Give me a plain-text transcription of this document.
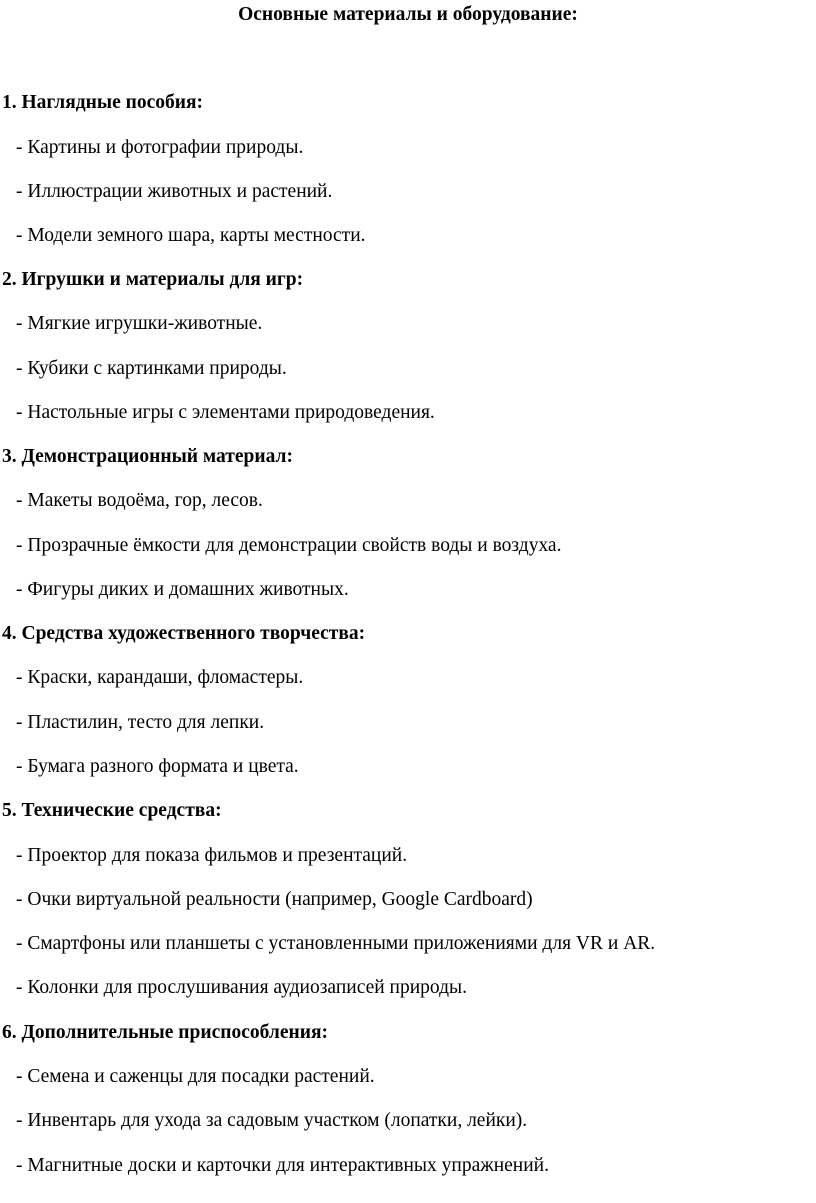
Основные материалы и оборудование:
1. Наглядные пособия:
- Картины и фотографии природы.
- Иллюстрации животных и растений.
- Модели земного шара, карты местности.
2. Игрушки и материалы для игр:
- Мягкие игрушки-животные.
- Кубики с картинками природы.
- Настольные игры с элементами природоведения.
3. Демонстрационный материал:
- Макеты водоёма, гор, лесов.
- Прозрачные ёмкости для демонстрации свойств воды и воздуха.
- Фигуры диких и домашних животных.
4. Средства художественного творчества:
- Краски, карандаши, фломастеры.
- Пластилин, тесто для лепки.
- Бумага разного формата и цвета.
5. Технические средства:
- Проектор для показа фильмов и презентаций.
- Очки виртуальной реальности (например, Google Cardboard)
- Смартфоны или планшеты с установленными приложениями для VR и AR.
- Колонки для прослушивания аудиозаписей природы.
6. Дополнительные приспособления:
- Семена и саженцы для посадки растений.
- Инвентарь для ухода за садовым участком (лопатки, лейки).
- Магнитные доски и карточки для интерактивных упражнений.
